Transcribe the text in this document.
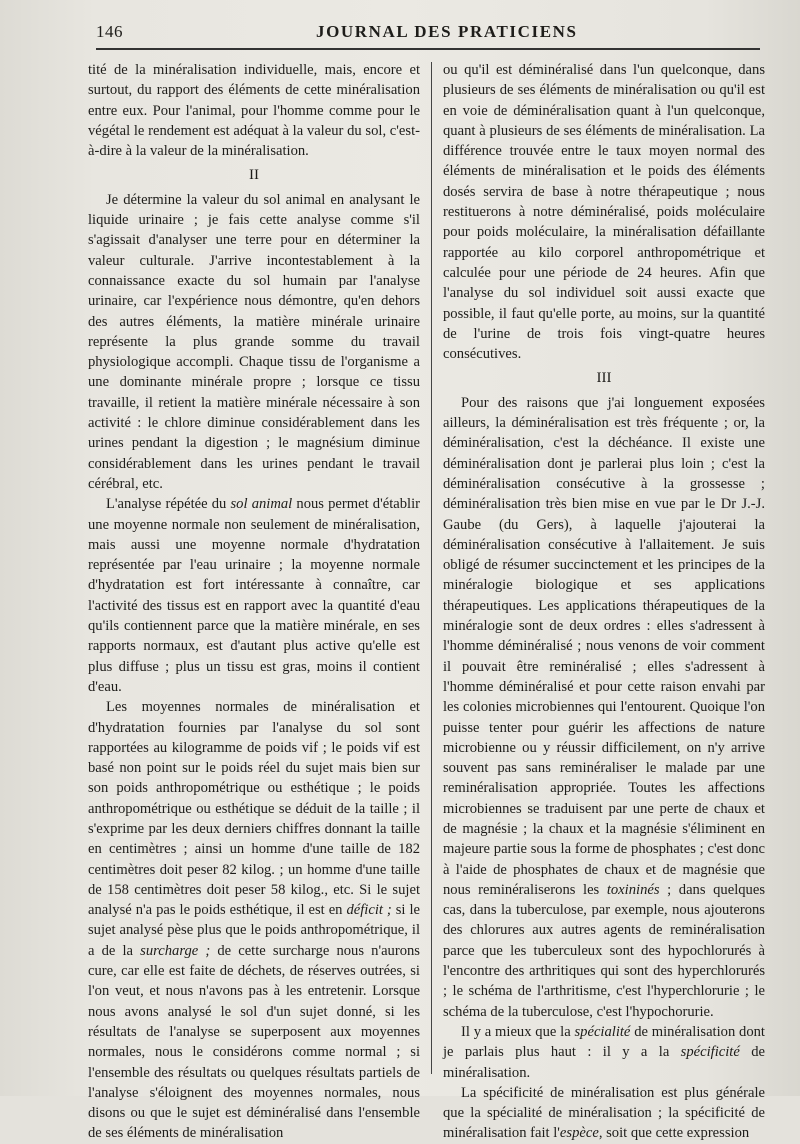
146	JOURNAL DES PRATICIENS

tité de la minéralisation individuelle, mais, encore et surtout, du rapport des éléments de cette minéralisation entre eux. Pour l'animal, pour l'homme comme pour le végétal le rendement est adéquat à la valeur du sol, c'est-à-dire à la valeur de la minéralisation.

II

Je détermine la valeur du sol animal en analysant le liquide urinaire ; je fais cette analyse comme s'il s'agissait d'analyser une terre pour en déterminer la valeur culturale. J'arrive incontestablement à la connaissance exacte du sol humain par l'analyse urinaire, car l'expérience nous démontre, qu'en dehors des autres éléments, la matière minérale urinaire représente la plus grande somme du travail physiologique accompli. Chaque tissu de l'organisme a une dominante minérale propre ; lorsque ce tissu travaille, il retient la matière minérale nécessaire à son activité : le chlore diminue considérablement dans les urines pendant la digestion ; le magnésium diminue considérablement dans les urines pendant le travail cérébral, etc.

L'analyse répétée du sol animal nous permet d'établir une moyenne normale non seulement de minéralisation, mais aussi une moyenne normale d'hydratation représentée par l'eau urinaire ; la moyenne normale d'hydratation est fort intéressante à connaître, car l'activité des tissus est en rapport avec la quantité d'eau qu'ils contiennent parce que la matière minérale, en ses rapports normaux, est d'autant plus active qu'elle est plus diffuse ; plus un tissu est gras, moins il contient d'eau.

Les moyennes normales de minéralisation et d'hydratation fournies par l'analyse du sol sont rapportées au kilogramme de poids vif ; le poids vif est basé non point sur le poids réel du sujet mais bien sur son poids anthropométrique ou esthétique ; le poids anthropométrique ou esthétique se déduit de la taille ; il s'exprime par les deux derniers chiffres donnant la taille en centimètres ; ainsi un homme d'une taille de 182 centimètres doit peser 82 kilog. ; un homme d'une taille de 158 centimètres doit peser 58 kilog., etc. Si le sujet analysé n'a pas le poids esthétique, il est en déficit ; si le sujet analysé pèse plus que le poids anthropométrique, il a de la surcharge ; de cette surcharge nous n'aurons cure, car elle est faite de déchets, de réserves outrées, si l'on veut, et nous n'avons pas à les entretenir. Lorsque nous avons analysé le sol d'un sujet donné, si les résultats de l'analyse se superposent aux moyennes normales, nous le considérons comme normal ; si l'ensemble des résultats ou quelques résultats partiels de l'analyse s'éloignent des moyennes normales, nous disons ou que le sujet est déminéralisé dans l'ensemble de ses éléments de minéralisation

ou qu'il est déminéralisé dans l'un quelconque, dans plusieurs de ses éléments de minéralisation ou qu'il est en voie de déminéralisation quant à l'un quelconque, quant à plusieurs de ses éléments de minéralisation. La différence trouvée entre le taux moyen normal des éléments de minéralisation et le poids des éléments dosés servira de base à notre thérapeutique ; nous restituerons à notre déminéralisé, poids moléculaire pour poids moléculaire, la minéralisation défaillante rapportée au kilo corporel anthropométrique et calculée pour une période de 24 heures. Afin que l'analyse du sol individuel soit aussi exacte que possible, il faut qu'elle porte, au moins, sur la quantité de l'urine de trois fois vingt-quatre heures consécutives.

III

Pour des raisons que j'ai longuement exposées ailleurs, la déminéralisation est très fréquente ; or, la déminéralisation, c'est la déchéance. Il existe une déminéralisation dont je parlerai plus loin ; c'est la déminéralisation consécutive à la grossesse ; déminéralisation très bien mise en vue par le Dr J.-J. Gaube (du Gers), à laquelle j'ajouterai la déminéralisation consécutive à l'allaitement. Je suis obligé de résumer succinctement et les principes de la minéralogie biologique et ses applications thérapeutiques. Les applications thérapeutiques de la minéralogie sont de deux ordres : elles s'adressent à l'homme déminéralisé ; nous venons de voir comment il pouvait être reminéralisé ; elles s'adressent à l'homme déminéralisé et pour cette raison envahi par les colonies microbiennes qui l'entourent. Quoique l'on puisse tenter pour guérir les affections de nature microbienne ou y réussir difficilement, on n'y arrive souvent pas sans reminéraliser le malade par une reminéralisation appropriée. Toutes les affections microbiennes se traduisent par une perte de chaux et de magnésie ; la chaux et la magnésie s'éliminent en majeure partie sous la forme de phosphates ; c'est donc à l'aide de phosphates de chaux et de magnésie que nous reminéraliserons les toxininés ; dans quelques cas, dans la tuberculose, par exemple, nous ajouterons des chlorures aux autres agents de reminéralisation parce que les tuberculeux sont des hypochlorurés à l'encontre des arthritiques qui sont des hyperchlorurés ; le schéma de l'arthritisme, c'est l'hyperchlorurie ; le schéma de la tuberculose, c'est l'hypochorurie.

Il y a mieux que la spécialité de minéralisation dont je parlais plus haut : il y a la spécificité de minéralisation.

La spécificité de minéralisation est plus générale que la spécialité de minéralisation ; la spécificité de minéralisation fait l'espèce, soit que cette expression
